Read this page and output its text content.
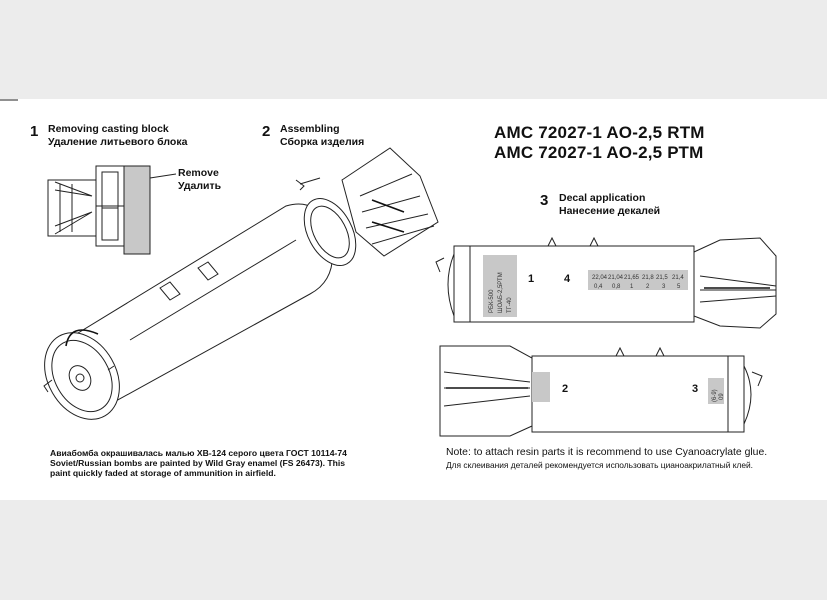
РБК-500 ШОАБ-2,5РТМ ТГ-40
22,04 21,04 21,65 21,8 21,5 21,4
0,4 0,8 1 2 3 5
1	4
(6-9) 09
2	3
1 Removing casting block
Удаление литьевого блока
2 Assembling
Сборка изделия
3 Decal application
Нанесение декалей
Remove
Удалить
AMC 72027-1 AO-2,5 RTM
AMC 72027-1 AO-2,5 РТМ
Авиабомба окрашивалась малью ХВ-124 серого цвета ГОСТ 10114-74
Soviet/Russian bombs are painted by Wild Gray enamel (FS 26473). This
paint quickly faded at storage of ammunition in airfield.
Note: to attach resin parts it is recommend to use Cyanoacrylate glue.
Для склеивания деталей рекомендуется использовать цианоакрилатный клей.
